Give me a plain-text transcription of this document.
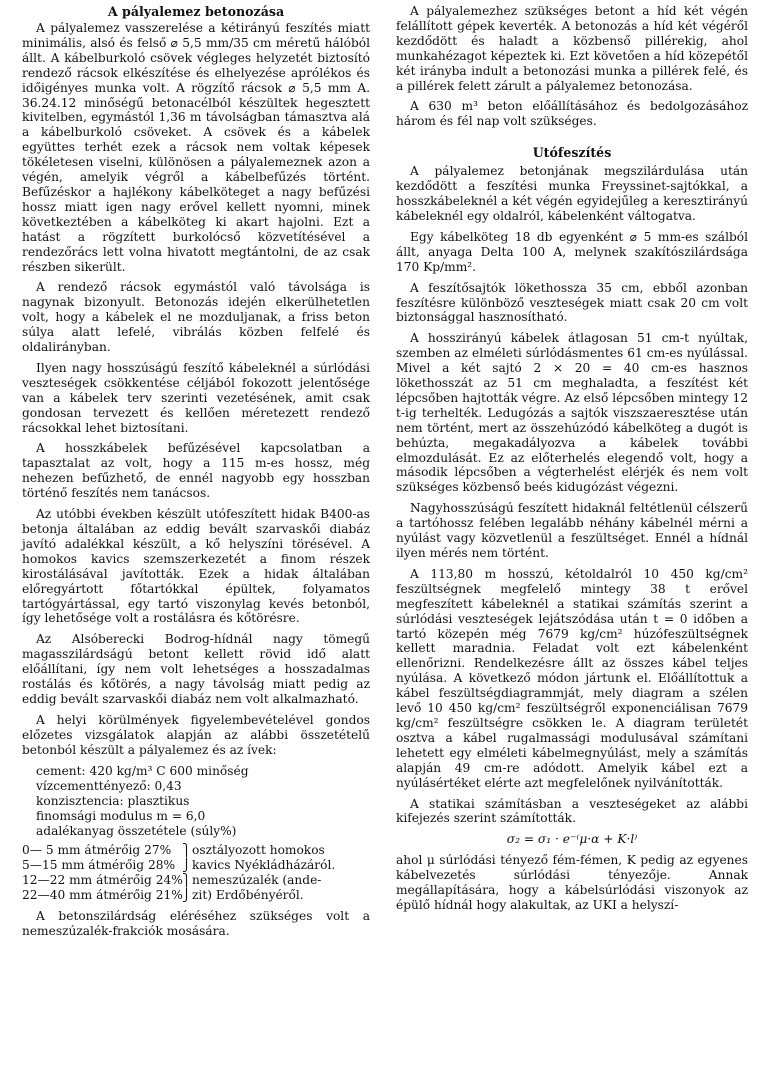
A pályalemez betonozása

A pályalemez vasszerelése a kétirányú feszítés miatt minimális, alsó és felső ⌀ 5,5 mm/35 cm méretű hálóból állt. A kábelburkoló csövek végleges helyzetét biztosító rendező rácsok elkészítése és elhelyezése aprólékos és időigényes munka volt. A rögzítő rácsok ⌀ 5,5 mm A. 36.24.12 minőségű betonacélból készültek hegesztett kivitelben, egymástól 1,36 m távolságban támasztva alá a kábelburkoló csöveket. A csövek és a kábelek együttes terhét ezek a rácsok nem voltak képesek tökéletesen viselni, különösen a pályalemeznek azon a végén, amelyik végről a kábelbefűzés történt. Befűzéskor a hajlékony kábelköteget a nagy befűzési hossz miatt igen nagy erővel kellett nyomni, minek következtében a kábelköteg ki akart hajolni. Ezt a hatást a rögzített burkolócső közvetítésével a rendezőrács lett volna hivatott megtántolni, de az csak részben sikerült.

A rendező rácsok egymástól való távolsága is nagynak bizonyult. Betonozás idején elkerülhetetlen volt, hogy a kábelek el ne mozduljanak, a friss beton súlya alatt lefelé, vibrálás közben felfelé és oldalirányban.

Ilyen nagy hosszúságú feszítő kábeleknél a súrlódási veszteségek csökkentése céljából fokozott jelentősége van a kábelek terv szerinti vezetésének, amit csak gondosan tervezett és kellően méretezett rendező rácsokkal lehet biztosítani.

A hosszkábelek befűzésével kapcsolatban a tapasztalat az volt, hogy a 115 m-es hossz, még nehezen befűzhető, de ennél nagyobb egy hosszban történő feszítés nem tanácsos.

Az utóbbi években készült utófeszített hidak B400-as betonja általában az eddig bevált szarvaskői diabáz javító adalékkal készült, a kő helyszíni törésével. A homokos kavics szemszerkezetét a finom részek kirostálásával javították. Ezek a hidak általában előregyártott főtartókkal épültek, folyamatos tartógyártással, egy tartó viszonylag kevés betonból, így lehetősége volt a rostálásra és kőtörésre.

Az Alsóberecki Bodrog-hídnál nagy tömegű magasszilárdságú betont kellett rövid idő alatt előállítani, így nem volt lehetséges a hosszadalmas rostálás és kőtörés, a nagy távolság miatt pedig az eddig bevált szarvaskői diabáz nem volt alkalmazható.

A helyi körülmények figyelembevételével gondos előzetes vizsgálatok alapján az alábbi összetételű betonból készült a pályalemez és az ívek:

cement: 420 kg/m³ C 600 minőség
vízcementtényező: 0,43
konzisztencia: plasztikus
finomsági modulus m = 6,0
adalékanyag összetétele (súly%)
0— 5 mm átmérőig 27%
5—15 mm átmérőig 28%
12—22 mm átmérőig 24%
22—40 mm átmérőig 21%
⎫
⎭
⎫
⎭
osztályozott homokos
kavics Nyékládházáról.
nemeszúzalék (ande-
zit) Erdőbényéről.

A betonszilárdság eléréséhez szükséges volt a nemeszúzalék-frakciók mosására.

A pályalemezhez szükséges betont a híd két végén felállított gépek keverték. A betonozás a híd két végéről kezdődött és haladt a közbenső pillérekig, ahol munkahézagot képeztek ki. Ezt követően a híd közepétől két irányba indult a betonozási munka a pillérek felé, és a pillérek felett zárult a pályalemez betonozása.

A 630 m³ beton előállításához és bedolgozásához három és fél nap volt szükséges.

Utófeszítés

A pályalemez betonjának megszilárdulása után kezdődött a feszítési munka Freyssinet-sajtókkal, a hosszkábeleknél a két végén egyidejűleg a keresztirányú kábeleknél egy oldalról, kábelenként váltogatva.

Egy kábelköteg 18 db egyenként ⌀ 5 mm-es szálból állt, anyaga Delta 100 A, melynek szakítószilárdsága 170 Kp/mm².

A feszítősajtók lökethossza 35 cm, ebből azonban feszítésre különböző veszteségek miatt csak 20 cm volt biztonsággal hasznosítható.

A hosszirányú kábelek átlagosan 51 cm-t nyúltak, szemben az elméleti súrlódásmentes 61 cm-es nyúlással. Mivel a két sajtó 2 × 20 = 40 cm-es hasznos lökethosszát az 51 cm meghaladta, a feszítést két lépcsőben hajtották végre. Az első lépcsőben mintegy 12 t-ig terhelték. Ledugózás a sajtók viszszaeresztése után nem történt, mert az összehúzódó kábelköteg a dugót is behúzta, megakadályozva a kábelek további elmozdulását. Ez az előterhelés elegendő volt, hogy a második lépcsőben a végterhelést elérjék és nem volt szükséges közbenső beés kidugózást végezni.

Nagyhosszúságú feszített hidaknál feltétlenül célszerű a tartóhossz felében legalább néhány kábelnél mérni a nyúlást vagy közvetlenül a feszültséget. Ennél a hídnál ilyen mérés nem történt.

A 113,80 m hosszú, kétoldalról 10 450 kg/cm² feszültségnek megfelelő mintegy 38 t erővel megfeszített kábeleknél a statikai számítás szerint a súrlódási veszteségek lejátszódása után t = 0 időben a tartó közepén még 7679 kg/cm² húzófeszültségnek kellett maradnia. Feladat volt ezt kábelenként ellenőrizni. Rendelkezésre állt az összes kábel teljes nyúlása. A következő módon jártunk el. Előállítottuk a kábel feszültségdiagrammját, mely diagram a szélen levő 10 450 kg/cm² feszültségről exponenciálisan 7679 kg/cm² feszültségre csökken le. A diagram területét osztva a kábel rugalmassági modulusával számítani lehetett egy elméleti kábelmegnyúlást, mely a számítás alapján 49 cm-re adódott. Amelyik kábel ezt a nyúlásértéket elérte azt megfelelőnek nyilvánították.

A statikai számításban a veszteségeket az alábbi kifejezés szerint számították.

σ₂ = σ₁ · e⁻⁽μ·α + K·l⁾

ahol μ súrlódási tényező fém-fémen, K pedig az egyenes kábelvezetés súrlódási tényezője. Annak megállapítására, hogy a kábelsúrlódási viszonyok az épülő hídnál hogy alakultak, az UKI a helyszí-
